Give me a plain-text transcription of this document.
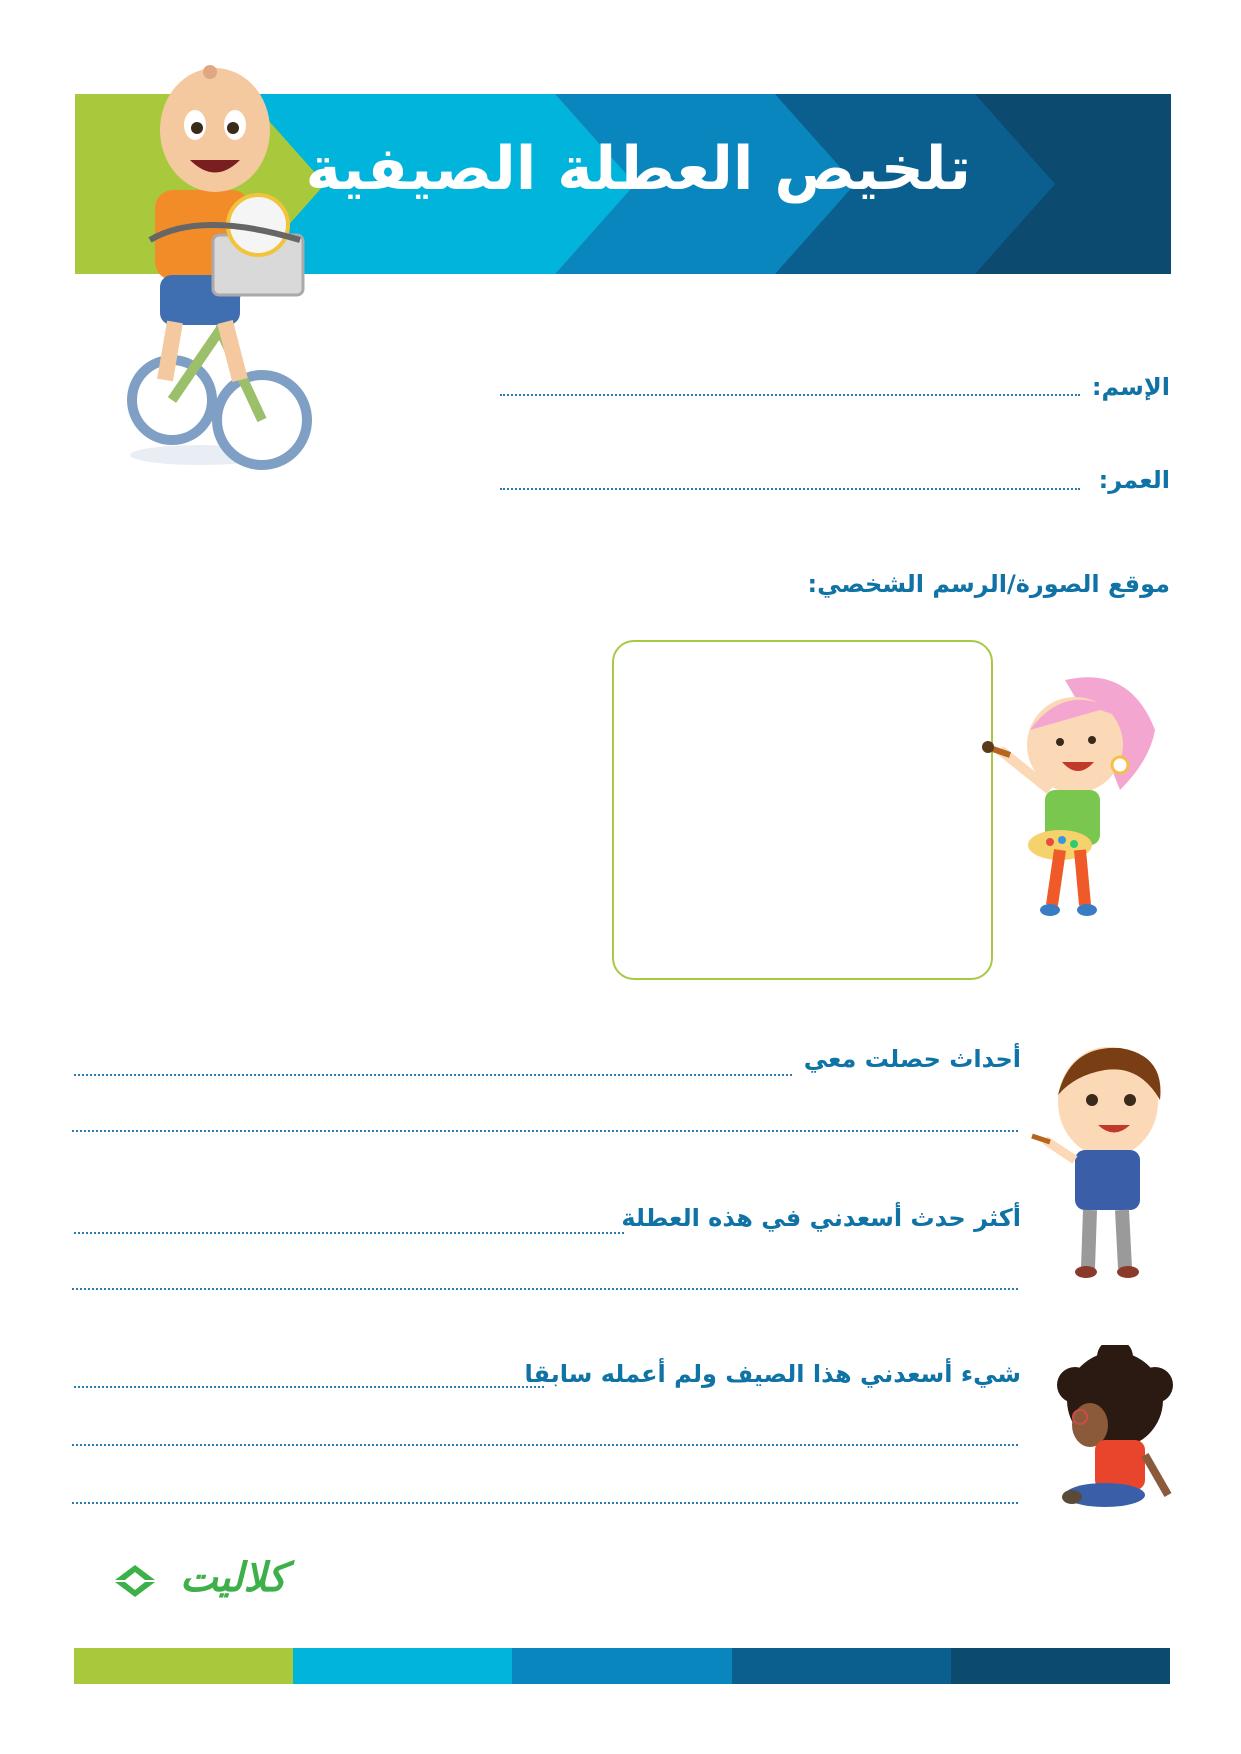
تلخيص العطلة الصيفية
الإسم:
العمر:
موقع الصورة/الرسم الشخصي:
أحداث حصلت معي
أكثر حدث أسعدني في هذه العطلة
شيء أسعدني هذا الصيف ولم أعمله سابقا
كلاليت
